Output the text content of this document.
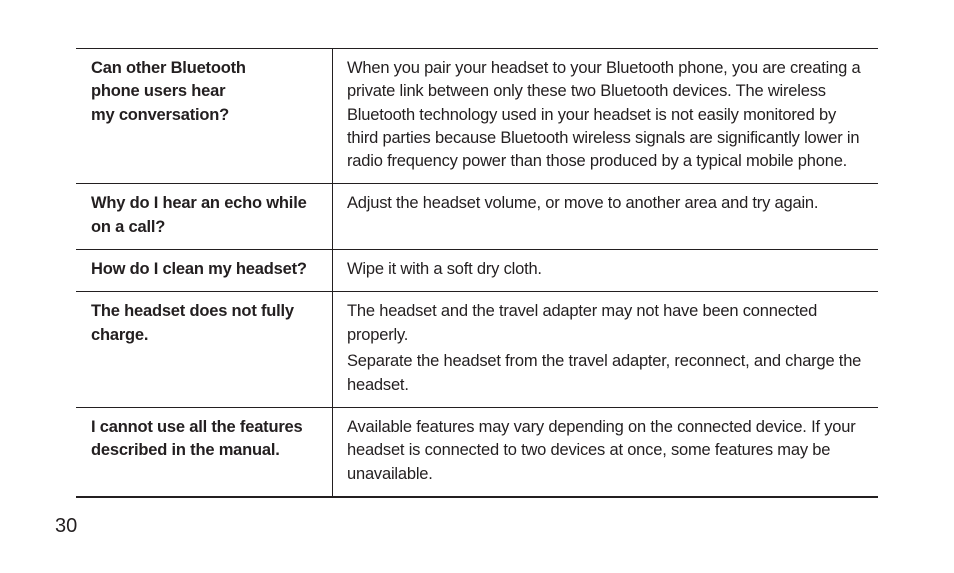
Can other Bluetooth
phone users hear
my conversation?

When you pair your headset to your Bluetooth phone, you are creating a private link between only these two Bluetooth devices. The wireless Bluetooth technology used in your headset is not easily monitored by third parties because Bluetooth wireless signals are significantly lower in radio frequency power than those produced by a typical mobile phone.

Why do I hear an echo while on a call?

Adjust the headset volume, or move to another area and try again.

How do I clean my headset?	Wipe it with a soft dry cloth.

The headset does not fully charge.

The headset and the travel adapter may not have been connected properly.

Separate the headset from the travel adapter, reconnect, and charge the headset.

I cannot use all the features described in the manual.

Available features may vary depending on the connected device. If your headset is connected to two devices at once, some features may be unavailable.

30
